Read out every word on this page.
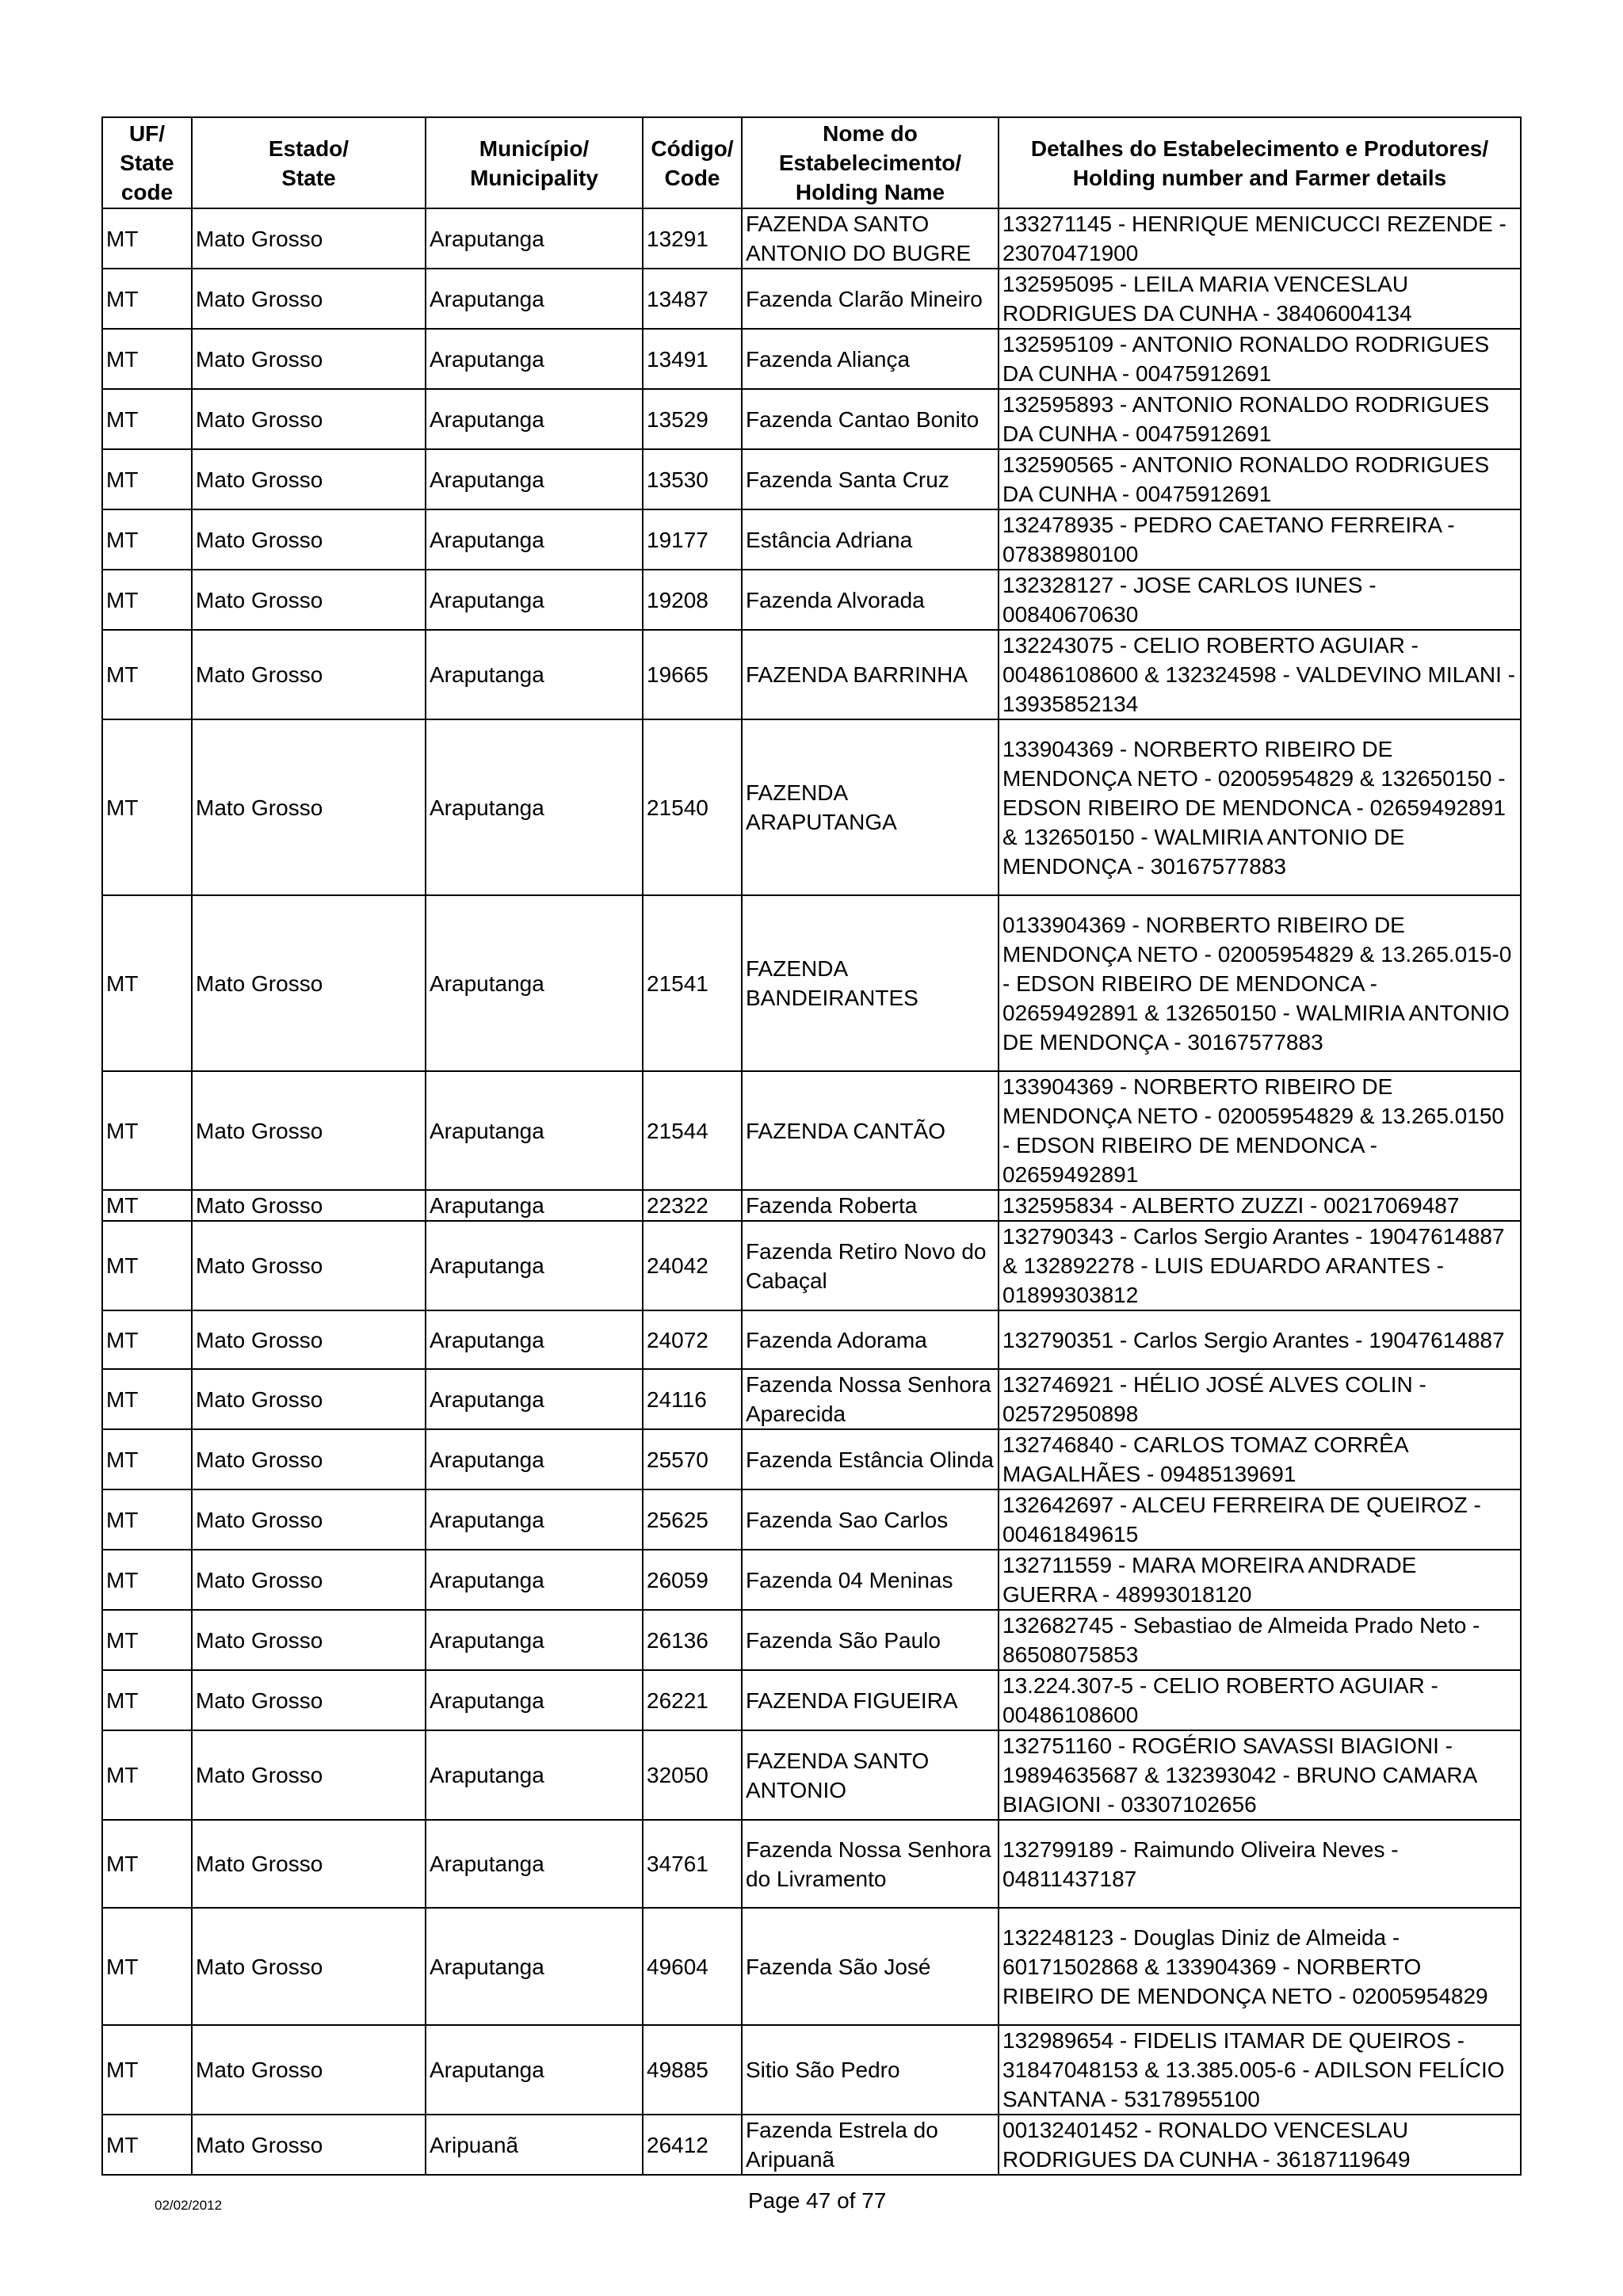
UF/
State
code	Estado/
State	Município/
Municipality	Código/
Code	Nome do
Estabelecimento/
Holding Name	Detalhes do Estabelecimento e Produtores/
Holding number and Farmer details
MT	Mato Grosso	Araputanga	13291	FAZENDA SANTO ANTONIO DO BUGRE	133271145 - HENRIQUE MENICUCCI REZENDE - 23070471900
MT	Mato Grosso	Araputanga	13487	Fazenda Clarão Mineiro	132595095 - LEILA MARIA VENCESLAU RODRIGUES DA CUNHA - 38406004134
MT	Mato Grosso	Araputanga	13491	Fazenda Aliança	132595109 - ANTONIO RONALDO RODRIGUES DA CUNHA - 00475912691
MT	Mato Grosso	Araputanga	13529	Fazenda Cantao Bonito	132595893 - ANTONIO RONALDO RODRIGUES DA CUNHA - 00475912691
MT	Mato Grosso	Araputanga	13530	Fazenda Santa Cruz	132590565 - ANTONIO RONALDO RODRIGUES DA CUNHA - 00475912691
MT	Mato Grosso	Araputanga	19177	Estância Adriana	132478935 - PEDRO CAETANO FERREIRA - 07838980100
MT	Mato Grosso	Araputanga	19208	Fazenda Alvorada	132328127 - JOSE CARLOS IUNES - 00840670630
MT	Mato Grosso	Araputanga	19665	FAZENDA BARRINHA	132243075 - CELIO ROBERTO AGUIAR - 00486108600 & 132324598 - VALDEVINO MILANI - 13935852134
MT	Mato Grosso	Araputanga	21540	FAZENDA ARAPUTANGA	133904369 - NORBERTO RIBEIRO DE MENDONÇA NETO - 02005954829 & 132650150 - EDSON RIBEIRO DE MENDONCA - 02659492891 & 132650150 - WALMIRIA ANTONIO DE MENDONÇA - 30167577883
MT	Mato Grosso	Araputanga	21541	FAZENDA BANDEIRANTES	0133904369 - NORBERTO RIBEIRO DE MENDONÇA NETO - 02005954829 & 13.265.015-0 - EDSON RIBEIRO DE MENDONCA - 02659492891 & 132650150 - WALMIRIA ANTONIO DE MENDONÇA - 30167577883
MT	Mato Grosso	Araputanga	21544	FAZENDA CANTÃO	133904369 - NORBERTO RIBEIRO DE MENDONÇA NETO - 02005954829 & 13.265.0150 - EDSON RIBEIRO DE MENDONCA - 02659492891
MT	Mato Grosso	Araputanga	22322	Fazenda Roberta	132595834 - ALBERTO ZUZZI - 00217069487
MT	Mato Grosso	Araputanga	24042	Fazenda Retiro Novo do Cabaçal	132790343 - Carlos Sergio Arantes - 19047614887 & 132892278 - LUIS EDUARDO ARANTES - 01899303812
MT	Mato Grosso	Araputanga	24072	Fazenda Adorama	132790351 - Carlos Sergio Arantes - 19047614887
MT	Mato Grosso	Araputanga	24116	Fazenda Nossa Senhora Aparecida	132746921 - HÉLIO JOSÉ ALVES COLIN - 02572950898
MT	Mato Grosso	Araputanga	25570	Fazenda Estância Olinda	132746840 - CARLOS TOMAZ CORRÊA MAGALHÃES - 09485139691
MT	Mato Grosso	Araputanga	25625	Fazenda Sao Carlos	132642697 - ALCEU FERREIRA DE QUEIROZ - 00461849615
MT	Mato Grosso	Araputanga	26059	Fazenda 04 Meninas	132711559 - MARA MOREIRA ANDRADE GUERRA - 48993018120
MT	Mato Grosso	Araputanga	26136	Fazenda São Paulo	132682745 - Sebastiao de Almeida Prado Neto - 86508075853
MT	Mato Grosso	Araputanga	26221	FAZENDA FIGUEIRA	13.224.307-5 - CELIO ROBERTO AGUIAR - 00486108600
MT	Mato Grosso	Araputanga	32050	FAZENDA SANTO ANTONIO	132751160 - ROGÉRIO SAVASSI BIAGIONI - 19894635687 & 132393042 - BRUNO CAMARA BIAGIONI - 03307102656
MT	Mato Grosso	Araputanga	34761	Fazenda Nossa Senhora do Livramento	132799189 - Raimundo Oliveira Neves - 04811437187
MT	Mato Grosso	Araputanga	49604	Fazenda São José	132248123 - Douglas Diniz de Almeida - 60171502868 & 133904369 - NORBERTO RIBEIRO DE MENDONÇA NETO - 02005954829
MT	Mato Grosso	Araputanga	49885	Sitio São Pedro	132989654 - FIDELIS ITAMAR DE QUEIROS - 31847048153 & 13.385.005-6 - ADILSON FELÍCIO SANTANA - 53178955100
MT	Mato Grosso	Aripuanã	26412	Fazenda Estrela do Aripuanã	00132401452 - RONALDO VENCESLAU RODRIGUES DA CUNHA - 36187119649
02/02/2012	Page 47 of 77
